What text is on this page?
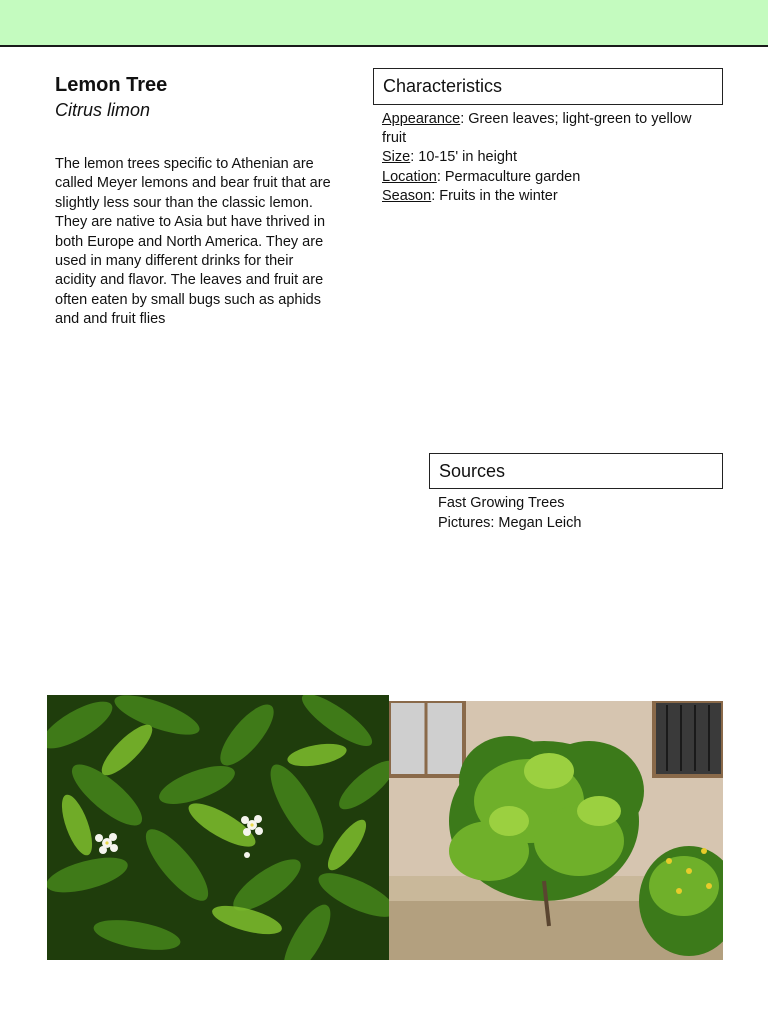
Lemon Tree
Citrus limon

The lemon trees specific to Athenian are called Meyer lemons and bear fruit that are slightly less sour than the classic lemon. They are native to Asia but have thrived in both Europe and North America. They are used in many different drinks for their acidity and flavor. The leaves and fruit are often eaten by small bugs such as aphids and and fruit flies

Characteristics
Appearance: Green leaves; light-green to yellow fruit
Size: 10-15' in height
Location: Permaculture garden
Season: Fruits in the winter
Sources
Fast Growing Trees
Pictures: Megan Leich
